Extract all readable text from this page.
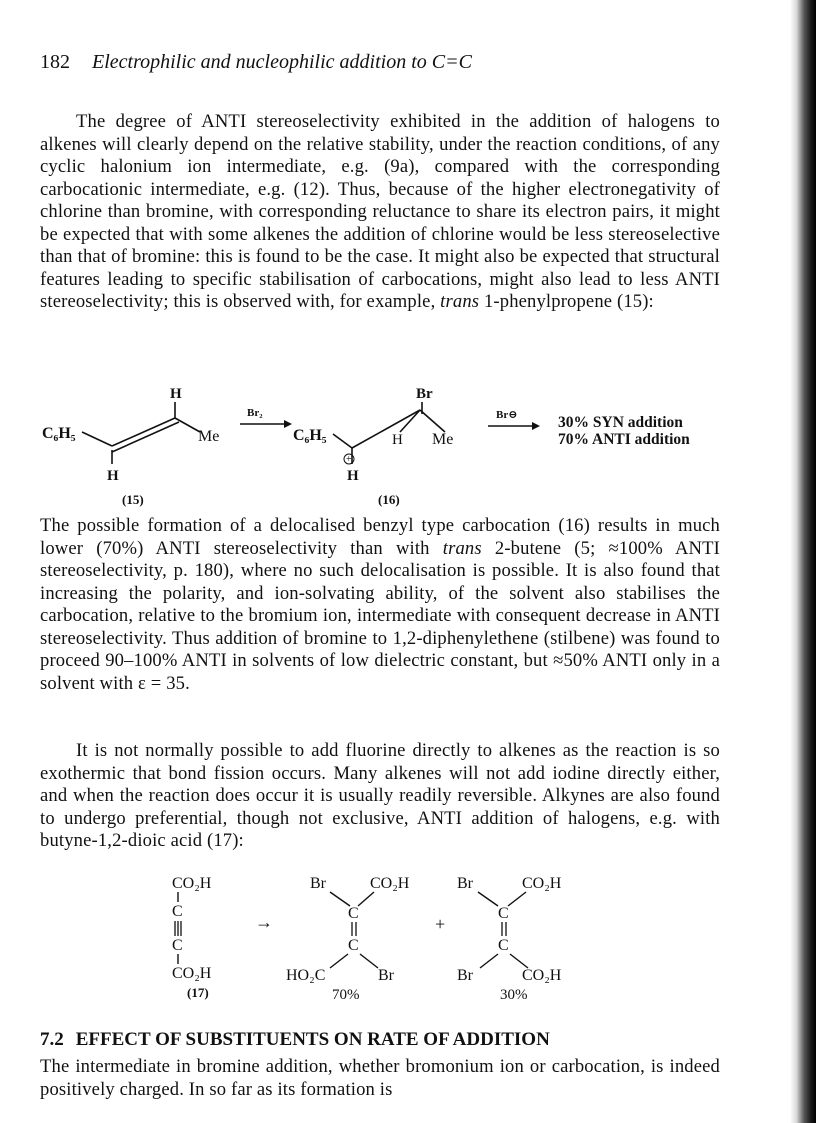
182 Electrophilic and nucleophilic addition to C=C

The degree of ANTI stereoselectivity exhibited in the addition of halogens to alkenes will clearly depend on the relative stability, under the reaction conditions, of any cyclic halonium ion intermediate, e.g. (9a), compared with the corresponding carbocationic intermediate, e.g. (12). Thus, because of the higher electronegativity of chlorine than bromine, with corresponding reluctance to share its electron pairs, it might be expected that with some alkenes the addition of chlorine would be less stereoselective than that of bromine: this is found to be the case. It might also be expected that structural features leading to specific stabilisation of carbocations, might also lead to less ANTI stereoselectivity; this is observed with, for example, trans 1-phenylpropene (15):

H
C₆H₅	Me
H
Br₂
C₆H₅
+
Br
H Me
H
Br⊖	30% SYN addition
70% ANTI addition
(15)	(16)

The possible formation of a delocalised benzyl type carbocation (16) results in much lower (70%) ANTI stereoselectivity than with trans 2-butene (5; ≈100% ANTI stereoselectivity, p. 180), where no such delocalisation is possible. It is also found that increasing the polarity, and ion-solvating ability, of the solvent also stabilises the carbocation, relative to the bromium ion, intermediate with consequent decrease in ANTI stereoselectivity. Thus addition of bromine to 1,2-diphenylethene (stilbene) was found to proceed 90–100% ANTI in solvents of low dielectric constant, but ≈50% ANTI only in a solvent with ε = 35.

It is not normally possible to add fluorine directly to alkenes as the reaction is so exothermic that bond fission occurs. Many alkenes will not add iodine directly either, and when the reaction does occur it is usually readily reversible. Alkynes are also found to undergo preferential, though not exclusive, ANTI addition of halogens, e.g. with butyne-1,2-dioic acid (17):

CO₂H
C
C
CO₂H
(17)
→
Br	CO₂H
C
C
HO₂C	Br
70%
+
Br	CO₂H
C
C
Br	CO₂H
30%
7.2 EFFECT OF SUBSTITUENTS ON RATE OF ADDITION

The intermediate in bromine addition, whether bromonium ion or carbocation, is indeed positively charged. In so far as its formation is
